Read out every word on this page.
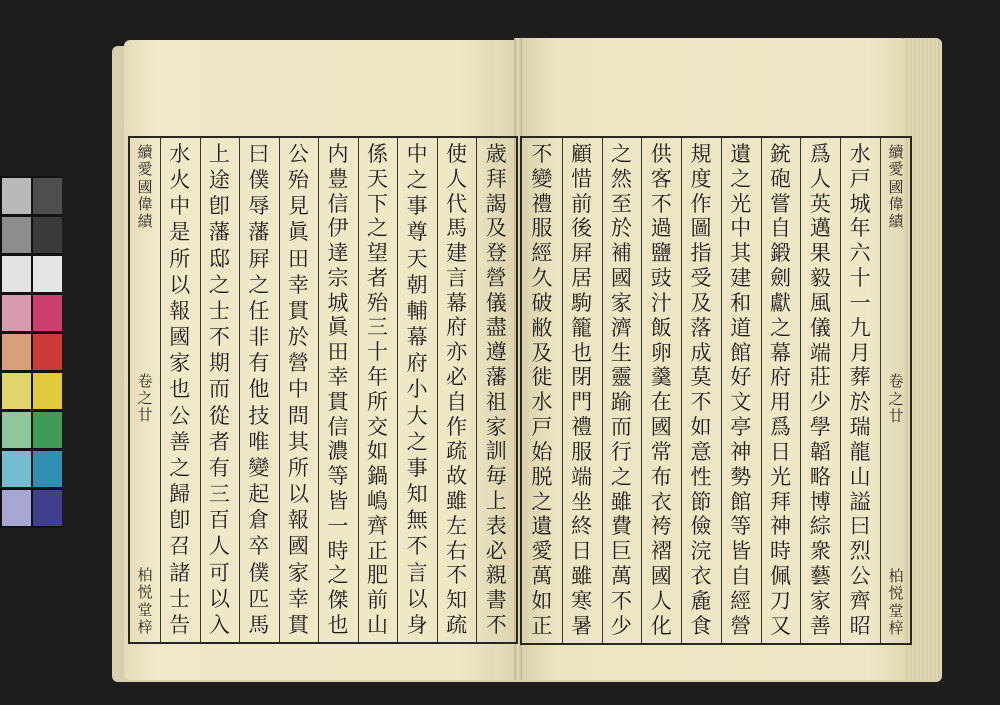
續
愛
國
偉
績
卷
之
廿
柏
悦
堂
梓
歳
拜
謁
及
登
營
儀
盡
遵
藩
祖
家
訓
毎
上
表
必
親
書
不
使
人
代
馬
建
言
幕
府
亦
必
自
作
疏
故
雖
左
右
不
知
疏
中
之
事
尊
天
朝
輔
幕
府
小
大
之
事
知
無
不
言
以
身
係
天
下
之
望
者
殆
三
十
年
所
交
如
鍋
嶋
齊
正
肥
前
山
内
豊
信
伊
達
宗
城
眞
田
幸
貫
信
濃
等
皆
一
時
之
傑
也
公
殆
見
眞
田
幸
貫
於
營
中
問
其
所
以
報
國
家
幸
貫
曰
僕
辱
藩
屛
之
任
非
有
他
技
唯
變
起
倉
卒
僕
匹
馬
上
途
卽
藩
邸
之
士
不
期
而
從
者
有
三
百
人
可
以
入
水
火
中
是
所
以
報
國
家
也
公
善
之
歸
卽
召
諸
士
告
續
愛
國
偉
績
卷
之
廿
柏
悦
堂
梓
水
戸
城
年
六
十
一
九
月
葬
於
瑞
龍
山
謚
曰
烈
公
齊
昭
爲
人
英
邁
果
毅
風
儀
端
莊
少
學
韜
略
博
綜
衆
藝
家
善
銃
砲
嘗
自
鍛
劍
獻
之
幕
府
用
爲
日
光
拜
神
時
佩
刀
又
遺
之
光
中
其
建
和
道
館
好
文
亭
神
勢
館
等
皆
自
經
營
規
度
作
圖
指
受
及
落
成
莫
不
如
意
性
節
儉
浣
衣
麁
食
供
客
不
過
鹽
豉
汁
飯
卵
羹
在
國
常
布
衣
袴
褶
國
人
化
之
然
至
於
補
國
家
濟
生
靈
踰
而
行
之
雖
費
巨
萬
不
少
顧
惜
前
後
屛
居
駒
籠
也
閉
門
禮
服
端
坐
終
日
雖
寒
暑
不
變
禮
服
經
久
破
敝
及
徙
水
戸
始
脱
之
遺
愛
萬
如
正
